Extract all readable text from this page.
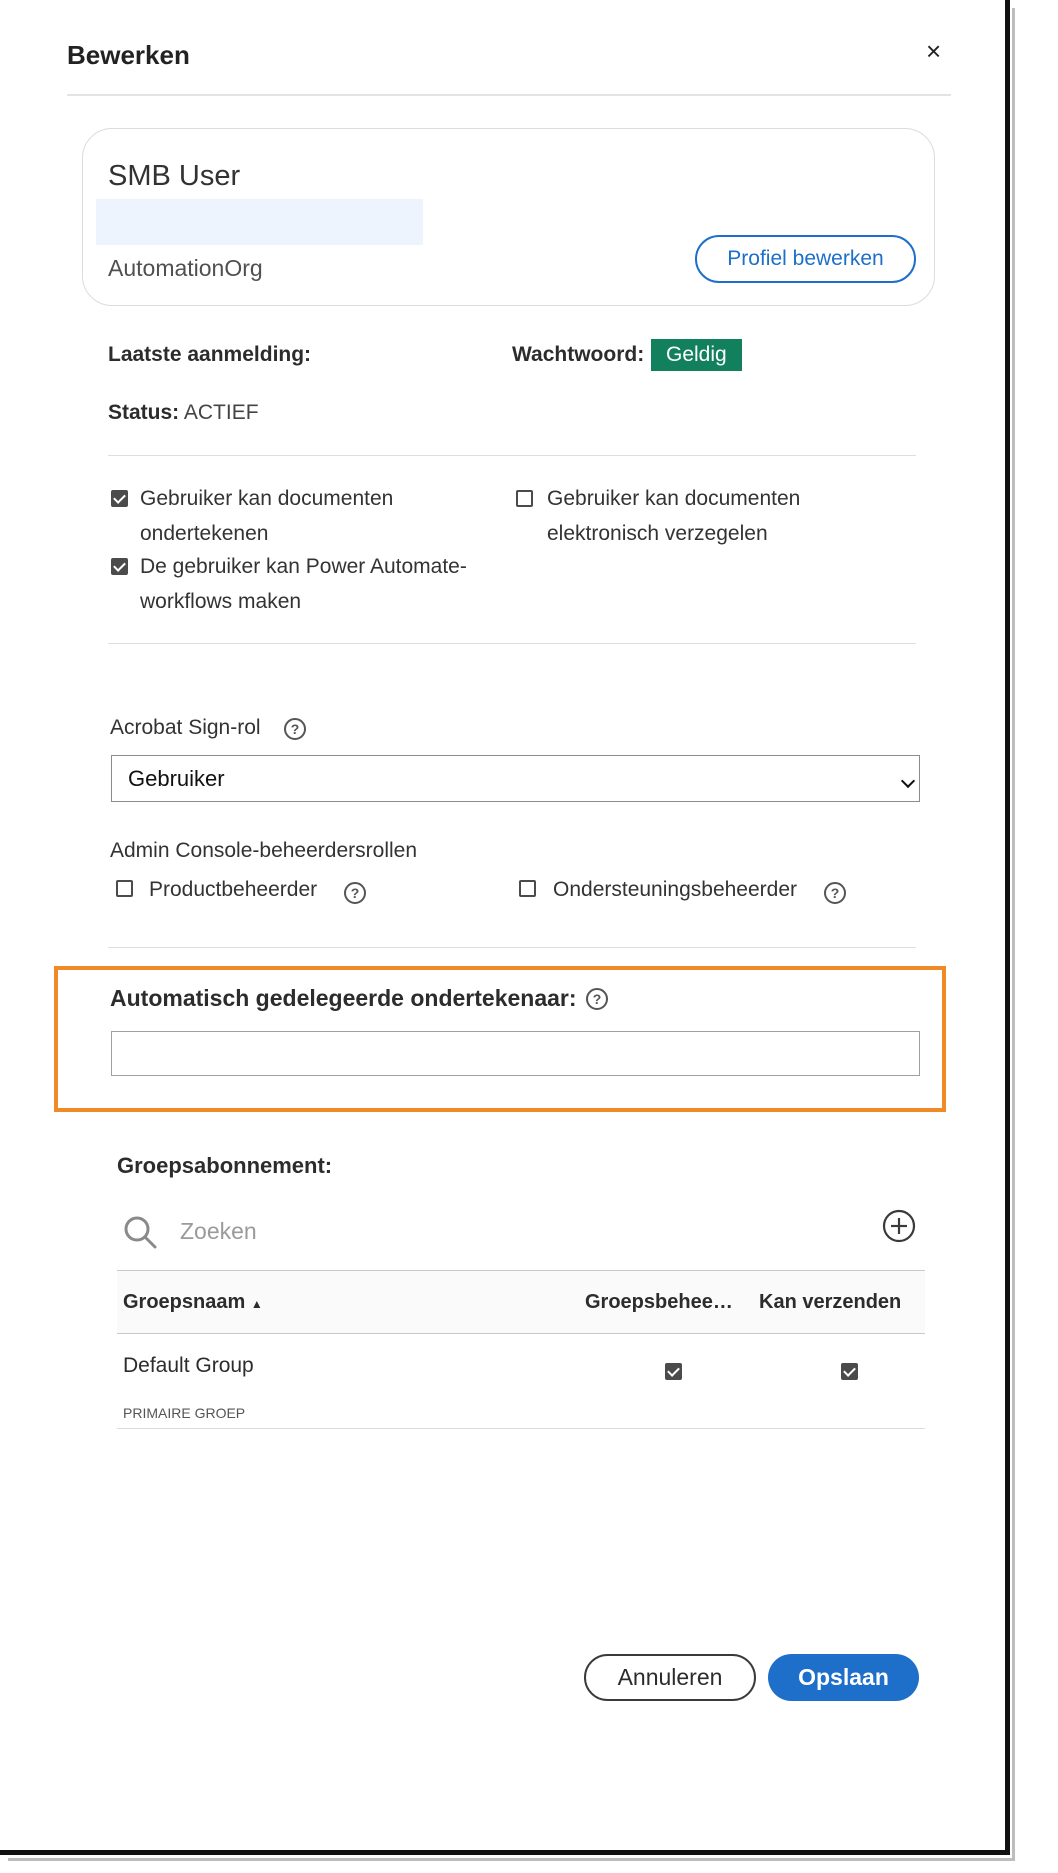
Bewerken	×
SMB User
AutomationOrg	Profiel bewerken
Laatste aanmelding:	Wachtwoord:	Geldig
Status: ACTIEF
Gebruiker kan documenten
ondertekenen
De gebruiker kan Power Automate-
workflows maken
Gebruiker kan documenten
elektronisch verzegelen
Acrobat Sign-rol	?
Gebruiker
Admin Console-beheerdersrollen
Productbeheerder	?	Ondersteuningsbeheerder	?
Automatisch gedelegeerde ondertekenaar:	?
Groepsabonnement:
Zoeken
Groepsnaam ▲	Groepsbehee… Kan verzenden
Default Group
PRIMAIRE GROEP
Annuleren	Opslaan
